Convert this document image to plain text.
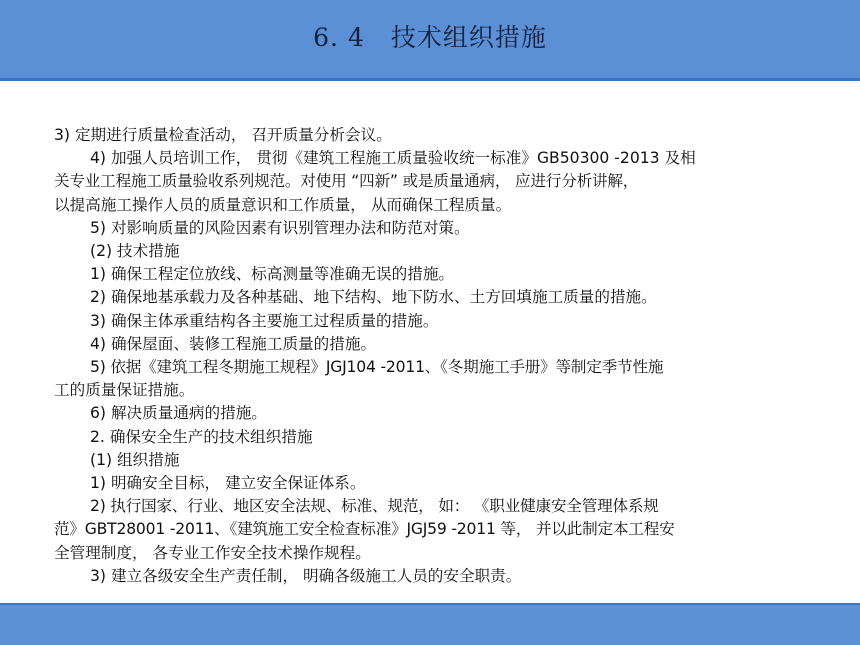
6. 4　技术组织措施

3) 定期进行质量检查活动， 召开质量分析会议。

4) 加强人员培训工作， 贯彻《建筑工程施工质量验收统一标准》GB50300 -2013 及相

关专业工程施工质量验收系列规范。对使用 “四新” 或是质量通病， 应进行分析讲解，

以提高施工操作人员的质量意识和工作质量， 从而确保工程质量。

5) 对影响质量的风险因素有识别管理办法和防范对策。

(2) 技术措施

1) 确保工程定位放线、标高测量等准确无误的措施。

2) 确保地基承载力及各种基础、地下结构、地下防水、土方回填施工质量的措施。

3) 确保主体承重结构各主要施工过程质量的措施。

4) 确保屋面、装修工程施工质量的措施。

5) 依据《建筑工程冬期施工规程》JGJ104 -2011、《冬期施工手册》等制定季节性施

工的质量保证措施。

6) 解决质量通病的措施。

2. 确保安全生产的技术组织措施

(1) 组织措施

1) 明确安全目标， 建立安全保证体系。

2) 执行国家、行业、地区安全法规、标准、规范， 如： 《职业健康安全管理体系规

范》GBT28001 -2011、《建筑施工安全检查标准》JGJ59 -2011 等， 并以此制定本工程安

全管理制度， 各专业工作安全技术操作规程。

3) 建立各级安全生产责任制， 明确各级施工人员的安全职责。
